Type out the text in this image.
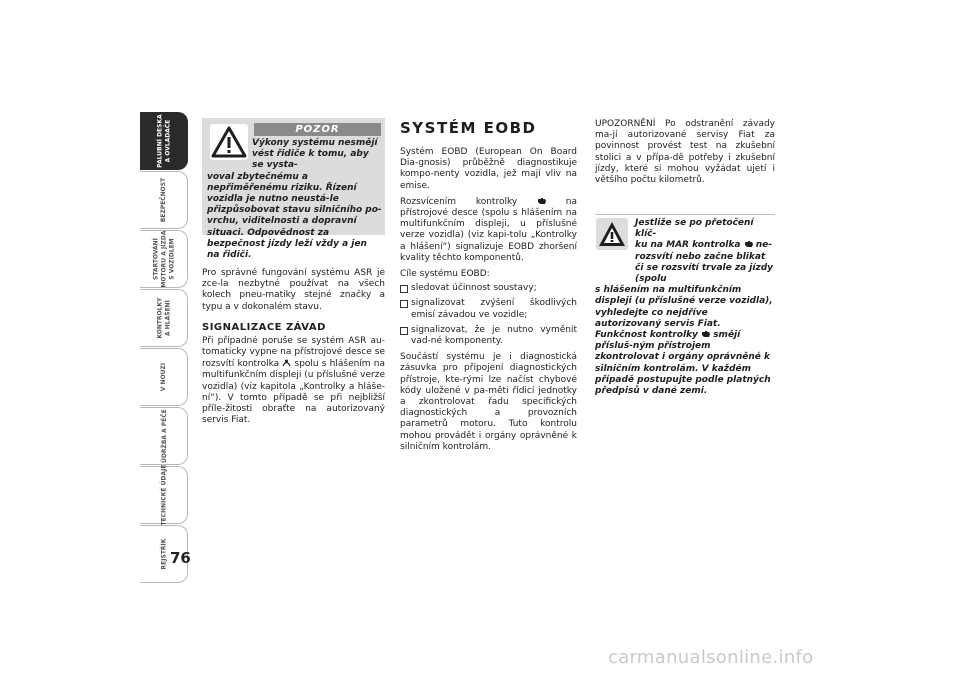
PALUBNÍ DESKA
A OVLADAČE
BEZPEČNOST
STARTOVÁNÍ
MOTORU A JÍZDA
S VOZIDLEM
KONTROLKY
A HLÁŠENÍ
V NOUZI
ÚDRŽBA A PÉČE
TECHNICKÉ ÚDAJE
REJSTŘÍK 76
POZOR
Výkony systému nesmějí vést řidiče k tomu, aby se vysta-
voval zbytečnému a nepřiměřenému riziku. Řízení vozidla je nutno neustá-le přizpůsobovat stavu silničního po-vrchu, viditelnosti a dopravní situaci. Odpovědnost za bezpečnost jízdy leží vždy a jen na řidiči.

Pro správné fungování systému ASR je zce-la nezbytné používat na všech kolech pneu-matiky stejné značky a typu a v dokonalém stavu.

SIGNALIZACE ZÁVAD

Při případné poruše se systém ASR au-tomaticky vypne na přístrojové desce se rozsvítí kontrolka spolu s hlášením na multifunkčním displeji (u příslušné verze vozidla) (viz kapitola „Kontrolky a hláše-ní“). V tomto případě se při nejbližší příle-žitosti obraťte na autorizovaný servis Fiat.

SYSTÉM EOBD

Systém EOBD (European On Board Dia-gnosis) průběžně diagnostikuje kompo-nenty vozidla, jež mají vliv na emise.

Rozsvícením kontrolky	na přístrojové desce (spolu s hlášením na multifunkčním displeji, u příslušné verze vozidla) (viz kapi-tolu „Kontrolky a hlášení“) signalizuje EOBD zhoršení kvality těchto komponentů.

Cíle systému EOBD:

sledovat účinnost soustavy;
signalizovat zvýšení škodlivých emisí závadou ve vozidle;
signalizovat, že je nutno vyměnit vad-né komponenty.

Součástí systému je i diagnostická zásuvka pro připojení diagnostických přístroje, kte-rými lze načíst chybové kódy uložené v pa-měti řídicí jednotky a zkontrolovat řadu specifických diagnostických a provozních parametrů motoru. Tuto kontrolu mohou provádět i orgány oprávněné k silničním kontrolám.

UPOZORNĚNÍ Po odstranění závady ma-jí autorizované servisy Fiat za povinnost provést test na zkušební stolici a v přípa-dě potřeby i zkušební jízdy, které si mohou vyžádat ujetí i většího počtu kilometrů.

Jestliže se po přetočení klíč-
ku na MAR kontrolka ne-
rozsvítí nebo začne blikat či se rozsvítí trvale za jízdy (spolu
s hlášením na multifunkčním displeji (u příslušné verze vozidla), vyhledejte co nejdříve autorizovaný servis Fiat. Funkčnost kontrolky smějí přísluš-ným přístrojem zkontrolovat i orgány oprávněné k silničním kontrolám. V každém případě postupujte podle platných předpisů v dané zemi.
carmanualsonline.info
